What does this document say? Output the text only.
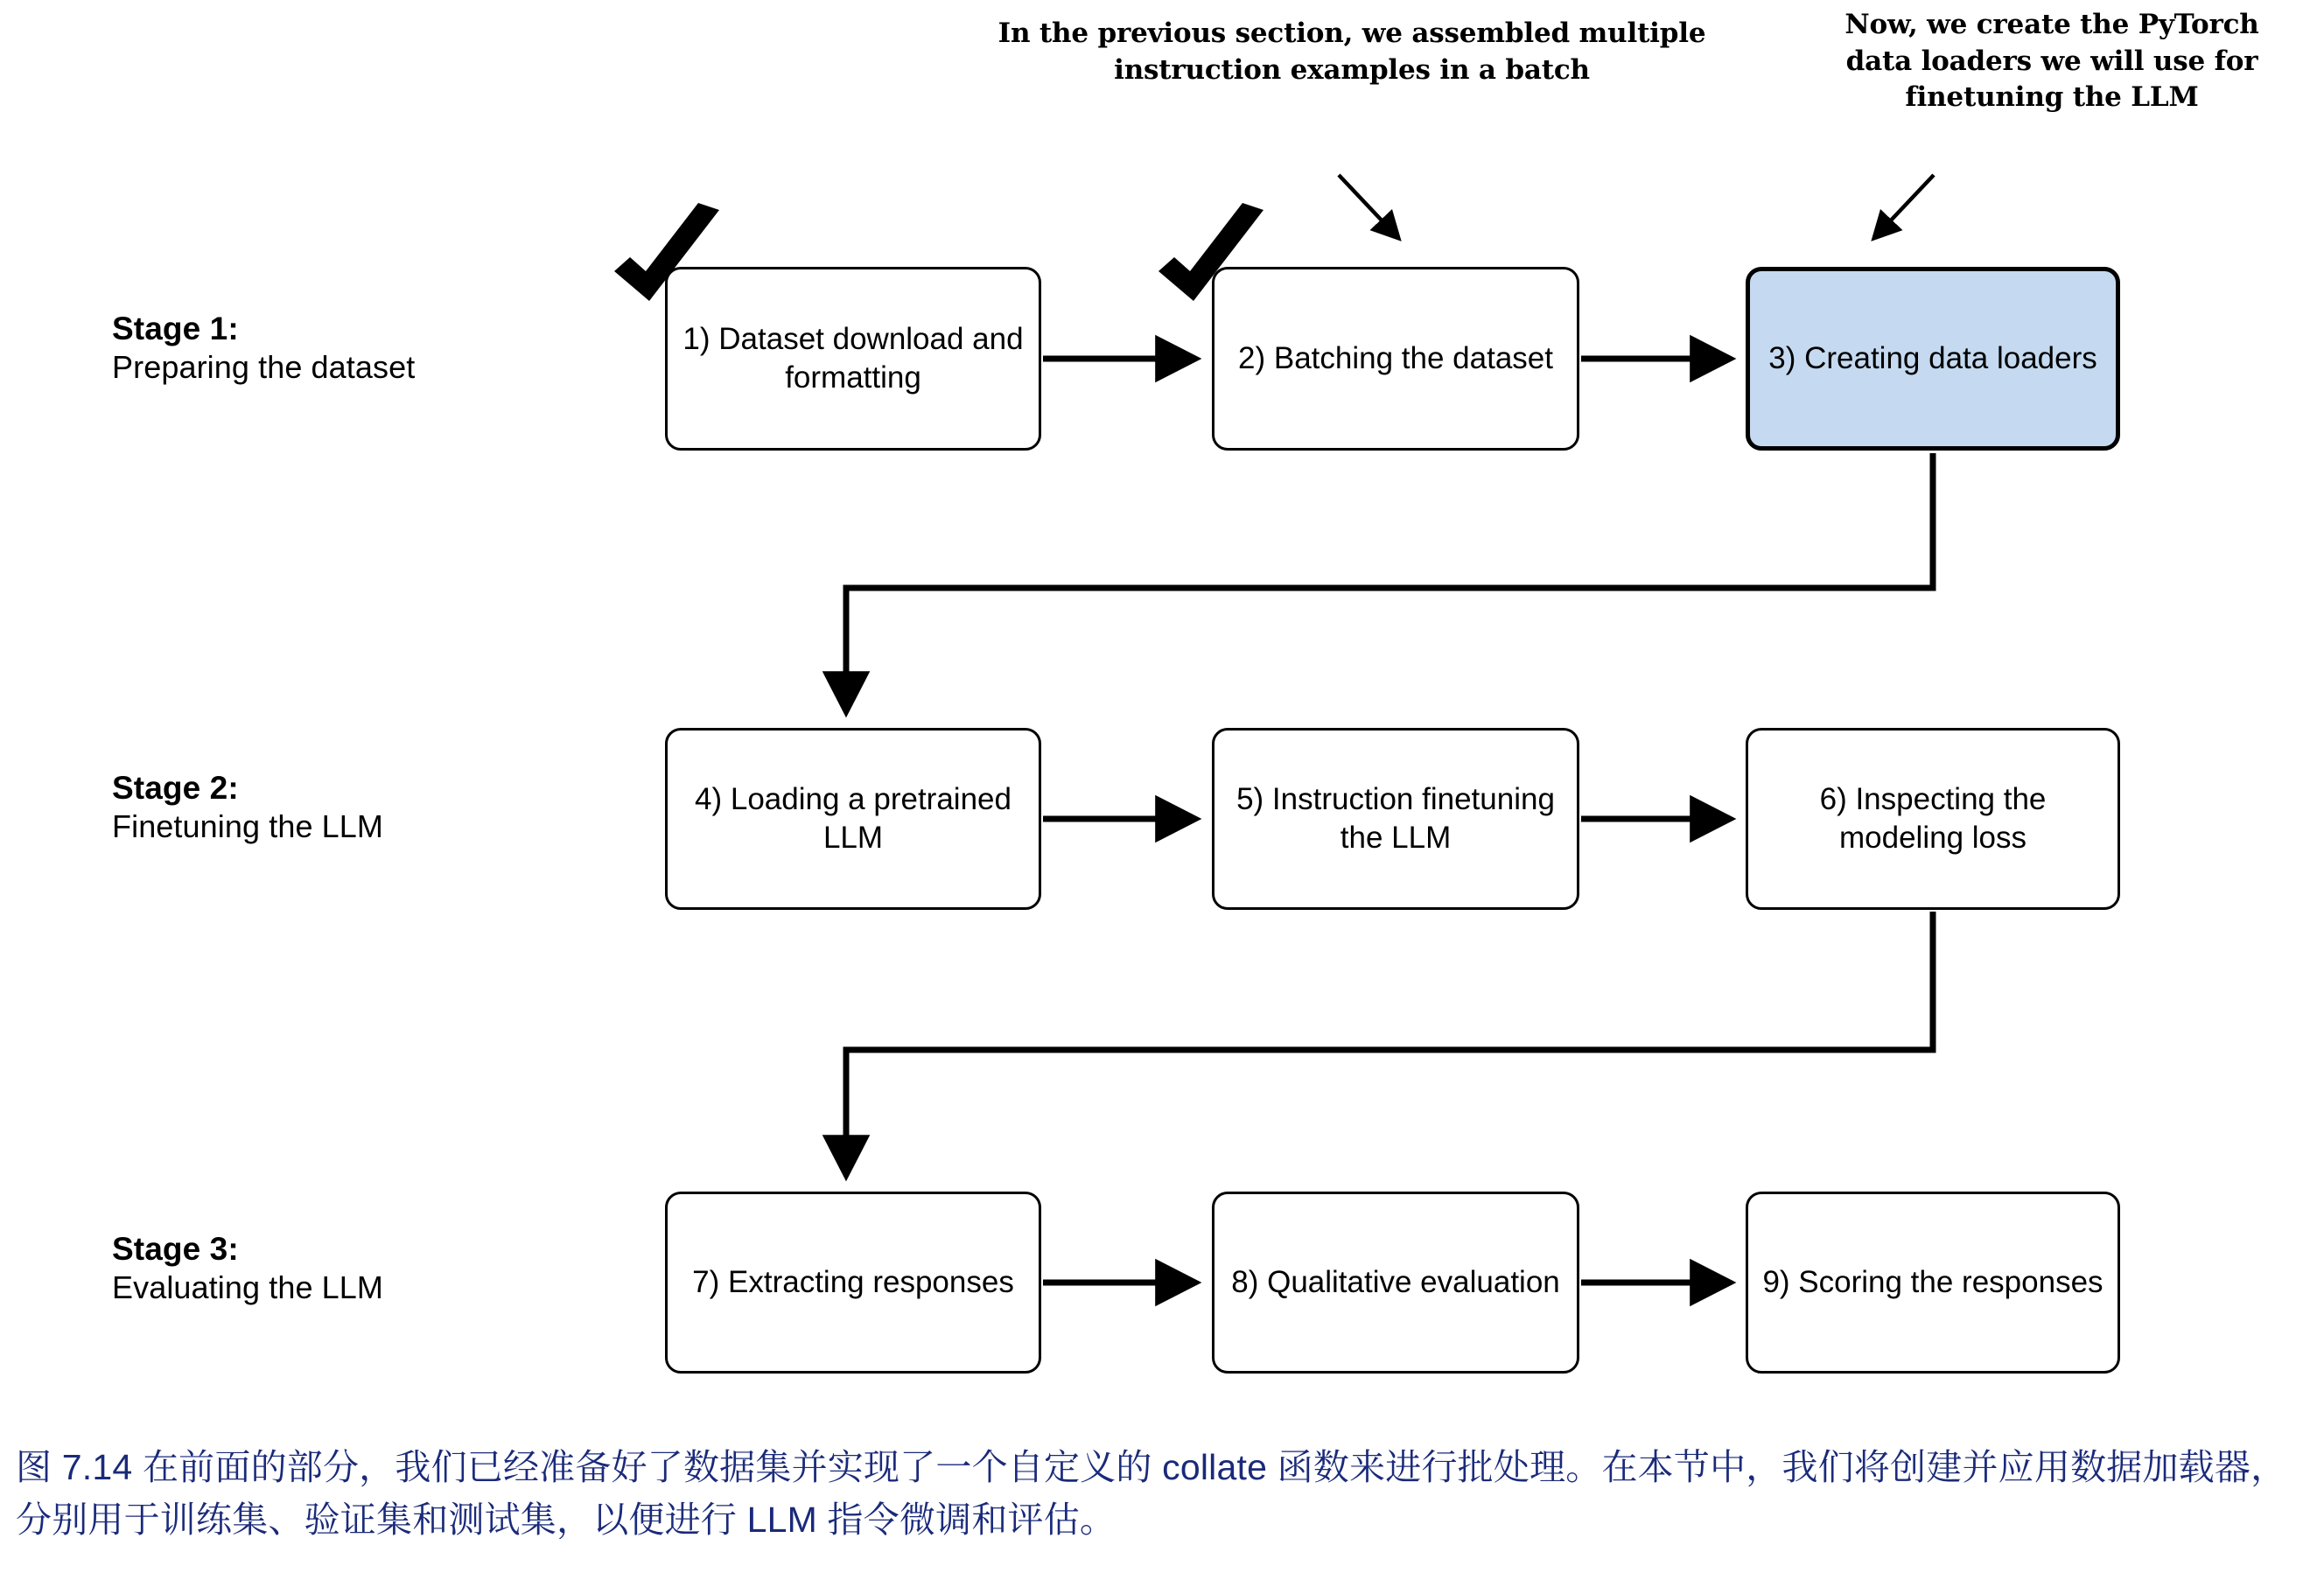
In the previous section, we assembled multiple instruction examples in a batch
Now, we create the PyTorch data loaders we will use for finetuning the LLM
Stage 1:
Preparing the dataset
Stage 2:
Finetuning the LLM
Stage 3:
Evaluating the LLM
1) Dataset download and formatting
2) Batching the dataset	3) Creating data loaders
4) Loading a pretrained LLM
5) Instruction finetuning the LLM
6) Inspecting the modeling loss
7) Extracting responses	8) Qualitative evaluation	9) Scoring the responses
图 7.14 在前面的部分，我们已经准备好了数据集并实现了一个自定义的 collate 函数来进行批处理。在本节中，我们将创建并应用数据加载器，分别用于训练集、验证集和测试集，以便进行 LLM 指令微调和评估。
